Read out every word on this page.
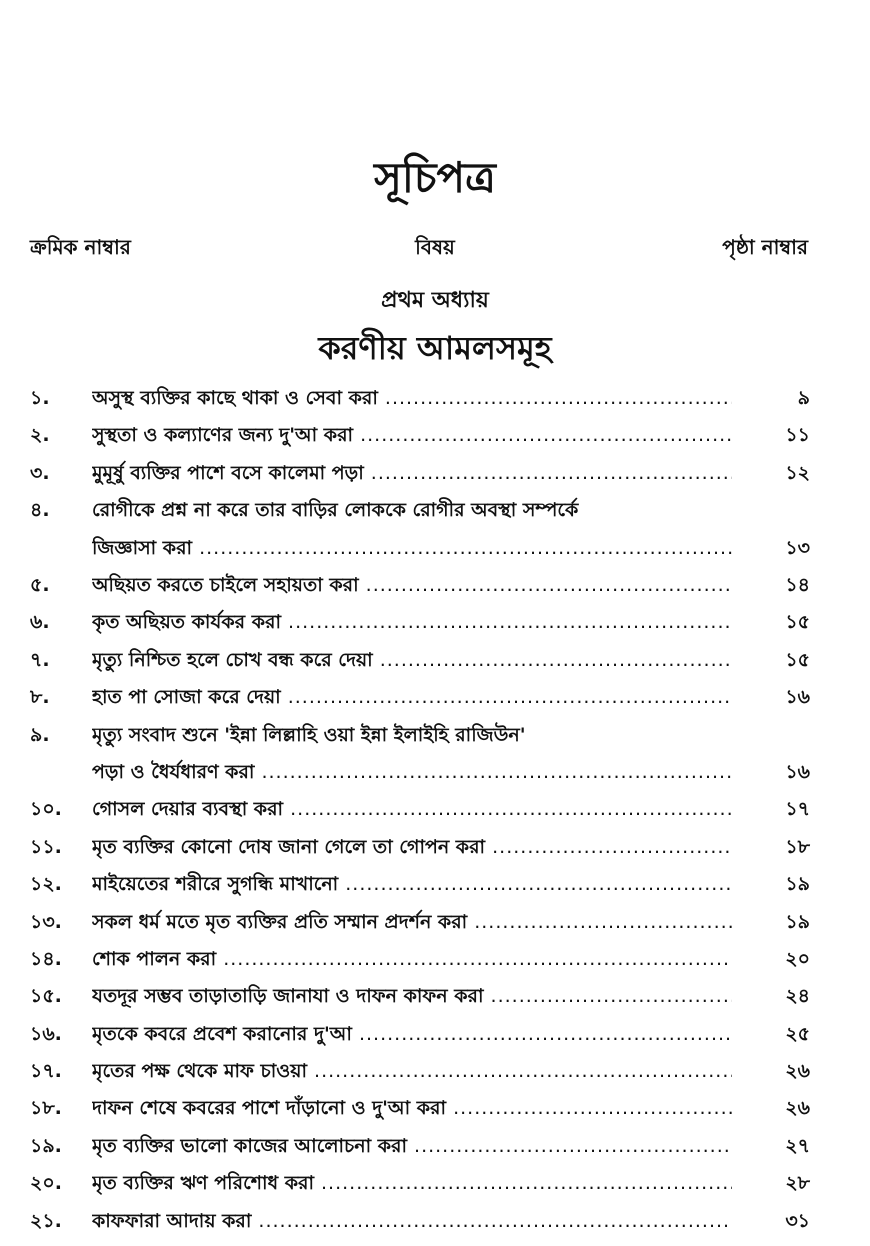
সূচিপত্র
ক্রমিক নাম্বার	বিষয়	পৃষ্ঠা নাম্বার
প্রথম অধ্যায়
করণীয় আমলসমূহ
১. অসুস্থ ব্যক্তির কাছে থাকা ও সেবা করা .....	৯
২. সুস্থতা ও কল্যাণের জন্য দু'আ করা .....	১১
৩. মুমূর্ষু ব্যক্তির পাশে বসে কালেমা পড়া .....	১২
৪. রোগীকে প্রশ্ন না করে তার বাড়ির লোককে রোগীর অবস্থা সম্পর্কে
জিজ্ঞাসা করা .....	১৩
৫. অছিয়ত করতে চাইলে সহায়তা করা .....	১৪
৬. কৃত অছিয়ত কার্যকর করা .....	১৫
৭. মৃত্যু নিশ্চিত হলে চোখ বন্ধ করে দেয়া .....	১৫
৮. হাত পা সোজা করে দেয়া .....	১৬
৯. মৃত্যু সংবাদ শুনে 'ইন্না লিল্লাহি ওয়া ইন্না ইলাইহি রাজিউন'
পড়া ও ধৈর্যধারণ করা .....	১৬
১০. গোসল দেয়ার ব্যবস্থা করা .....	১৭
১১. মৃত ব্যক্তির কোনো দোষ জানা গেলে তা গোপন করা .....	১৮
১২. মাইয়েতের শরীরে সুগন্ধি মাখানো .....	১৯
১৩. সকল ধর্ম মতে মৃত ব্যক্তির প্রতি সম্মান প্রদর্শন করা .....	১৯
১৪. শোক পালন করা .....	২০
১৫. যতদূর সম্ভব তাড়াতাড়ি জানাযা ও দাফন কাফন করা .....	২৪
১৬. মৃতকে কবরে প্রবেশ করানোর দু'আ .....	২৫
১৭. মৃতের পক্ষ থেকে মাফ চাওয়া .....	২৬
১৮. দাফন শেষে কবরের পাশে দাঁড়ানো ও দু'আ করা .....	২৬
১৯. মৃত ব্যক্তির ভালো কাজের আলোচনা করা .....	২৭
২০. মৃত ব্যক্তির ঋণ পরিশোধ করা .....	২৮
২১. কাফফারা আদায় করা .....	৩১
